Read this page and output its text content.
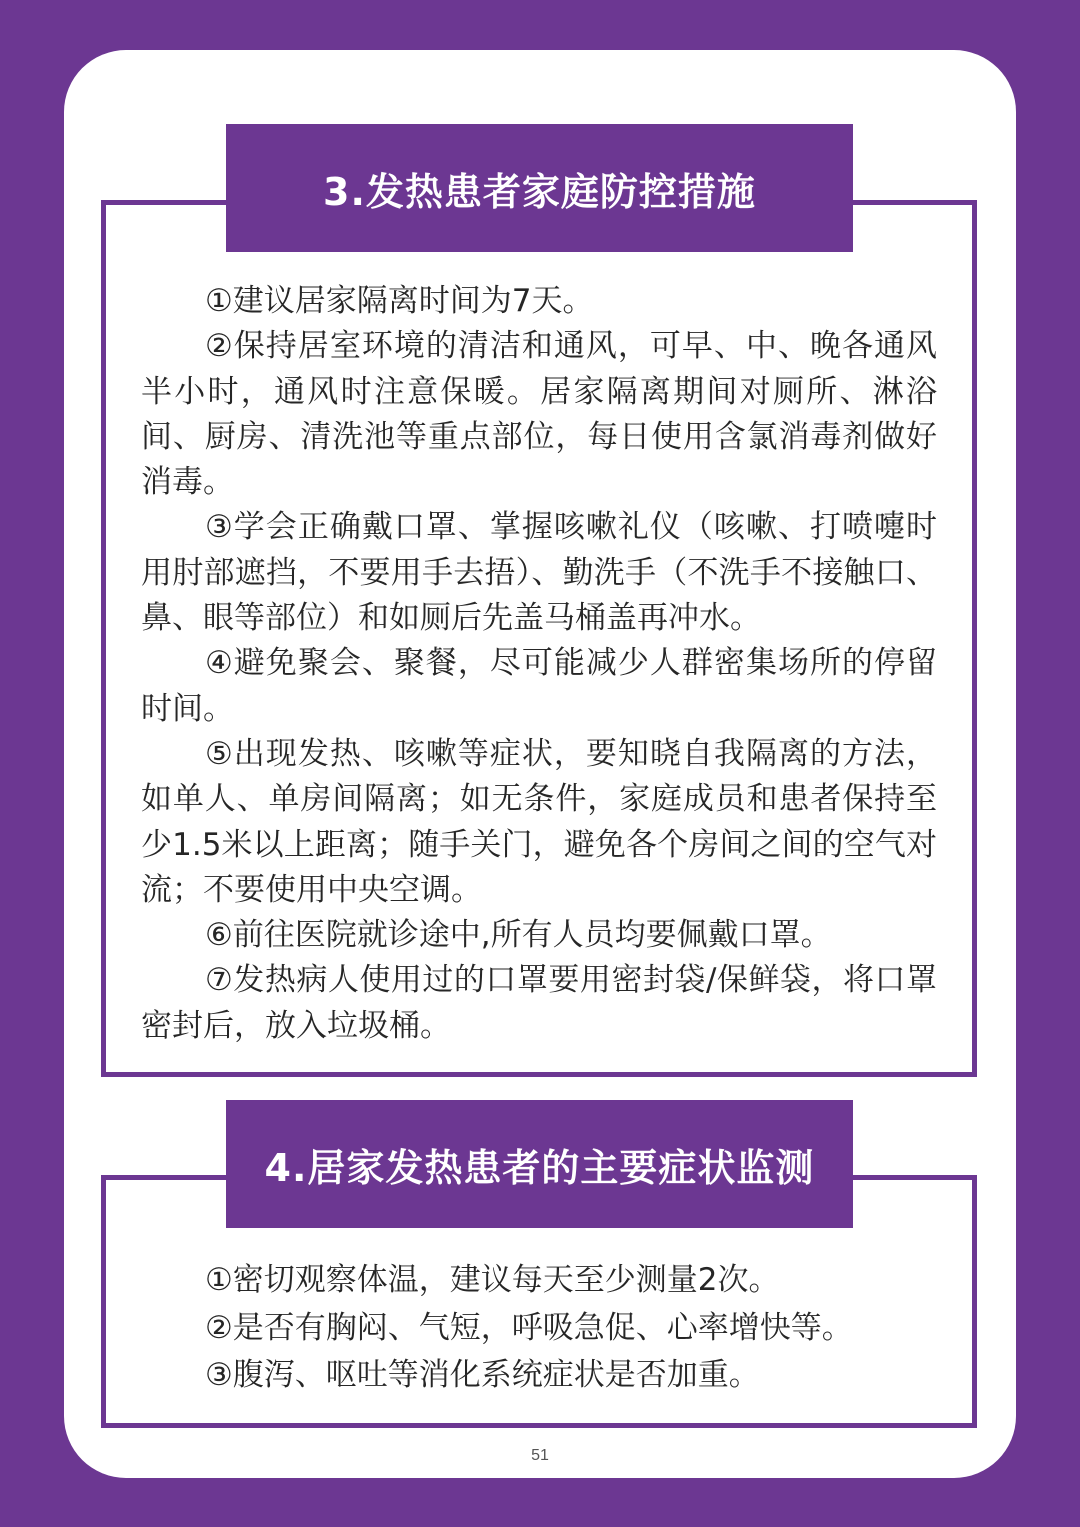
3.发热患者家庭防控措施

①建议居家隔离时间为7天。

②保持居室环境的清洁和通风，可早、中、晚各通风半小时，通风时注意保暖。居家隔离期间对厕所、淋浴间、厨房、清洗池等重点部位，每日使用含氯消毒剂做好消毒。

③学会正确戴口罩、掌握咳嗽礼仪（咳嗽、打喷嚏时用肘部遮挡，不要用手去捂）、勤洗手（不洗手不接触口、鼻、眼等部位）和如厕后先盖马桶盖再冲水。

④避免聚会、聚餐，尽可能减少人群密集场所的停留时间。

⑤出现发热、咳嗽等症状，要知晓自我隔离的方法，如单人、单房间隔离；如无条件，家庭成员和患者保持至少1.5米以上距离；随手关门，避免各个房间之间的空气对流；不要使用中央空调。

⑥前往医院就诊途中,所有人员均要佩戴口罩。

⑦发热病人使用过的口罩要用密封袋/保鲜袋，将口罩密封后，放入垃圾桶。

4.居家发热患者的主要症状监测

①密切观察体温，建议每天至少测量2次。

②是否有胸闷、气短，呼吸急促、心率增快等。

③腹泻、呕吐等消化系统症状是否加重。

51
